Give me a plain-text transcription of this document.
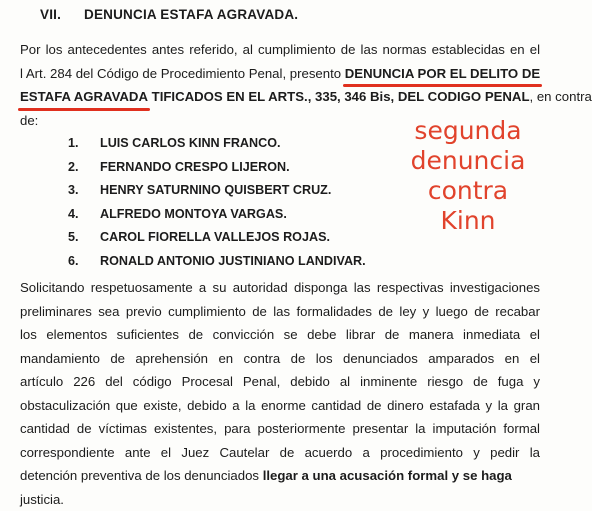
VII. DENUNCIA ESTAFA AGRAVADA.
Por los antecedentes antes referido, al cumplimiento de las normas establecidas en el
l Art. 284 del Código de Procedimiento Penal, presento DENUNCIA POR EL DELITO DE
ESTAFA AGRAVADA TIFICADOS EN EL ARTS., 335, 346 Bis, DEL CODIGO PENAL, en contra
de:
1. LUIS CARLOS KINN FRANCO.
2. FERNANDO CRESPO LIJERON.
3. HENRY SATURNINO QUISBERT CRUZ.
4. ALFREDO MONTOYA VARGAS.
5. CAROL FIORELLA VALLEJOS ROJAS.
6. RONALD ANTONIO JUSTINIANO LANDIVAR.
segunda
denuncia
contra
Kinn
Solicitando respetuosamente a su autoridad disponga las respectivas investigaciones
preliminares sea previo cumplimiento de las formalidades de ley y luego de recabar
los elementos suficientes de convicción se debe librar de manera inmediata el
mandamiento de aprehensión en contra de los denunciados amparados en el
artículo 226 del código Procesal Penal, debido al inminente riesgo de fuga y
obstaculización que existe, debido a la enorme cantidad de dinero estafada y la gran
cantidad de víctimas existentes, para posteriormente presentar la imputación formal
correspondiente ante el Juez Cautelar de acuerdo a procedimiento y pedir la
detención preventiva de los denunciados llegar a una acusación formal y se haga
justicia.
